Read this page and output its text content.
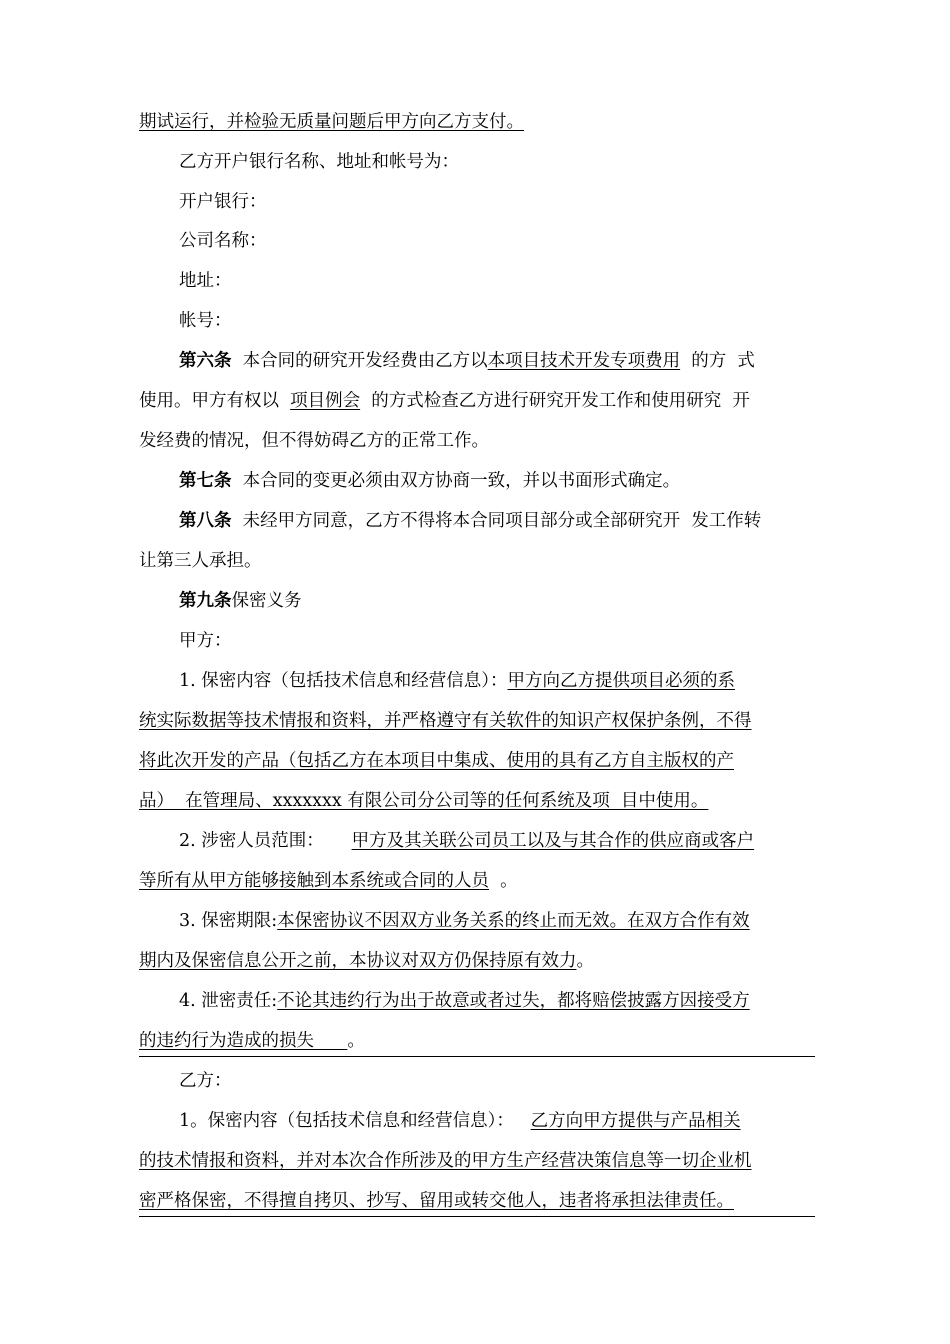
期试运行，并检验无质量问题后甲方向乙方支付。
乙方开户银行名称、地址和帐号为：
开户银行：
公司名称：
地址：
帐号：
第六条  本合同的研究开发经费由乙方以本项目技术开发专项费用  的方  式
使用。甲方有权以  项目例会  的方式检查乙方进行研究开发工作和使用研究  开
发经费的情况，但不得妨碍乙方的正常工作。
第七条  本合同的变更必须由双方协商一致，并以书面形式确定。
第八条  未经甲方同意，乙方不得将本合同项目部分或全部研究开  发工作转
让第三人承担。
第九条保密义务
甲方：
1. 保密内容（包括技术信息和经营信息）：甲方向乙方提供项目必须的系
统实际数据等技术情报和资料，并严格遵守有关软件的知识产权保护条例，不得
将此次开发的产品（包括乙方在本项目中集成、使用的具有乙方自主版权的产
品）  在管理局、xxxxxxx 有限公司分公司等的任何系统及项  目中使用。
2. 涉密人员范围：     甲方及其关联公司员工以及与其合作的供应商或客户
等所有从甲方能够接触到本系统或合同的人员  。
3. 保密期限:本保密协议不因双方业务关系的终止而无效。在双方合作有效
期内及保密信息公开之前，本协议对双方仍保持原有效力。
4. 泄密责任:不论其违约行为出于故意或者过失，都将赔偿披露方因接受方
的违约行为造成的损失      。
乙方：
1。保密内容（包括技术信息和经营信息）：   乙方向甲方提供与产品相关
的技术情报和资料，并对本次合作所涉及的甲方生产经营决策信息等一切企业机
密严格保密，不得擅自拷贝、抄写、留用或转交他人，违者将承担法律责任。
